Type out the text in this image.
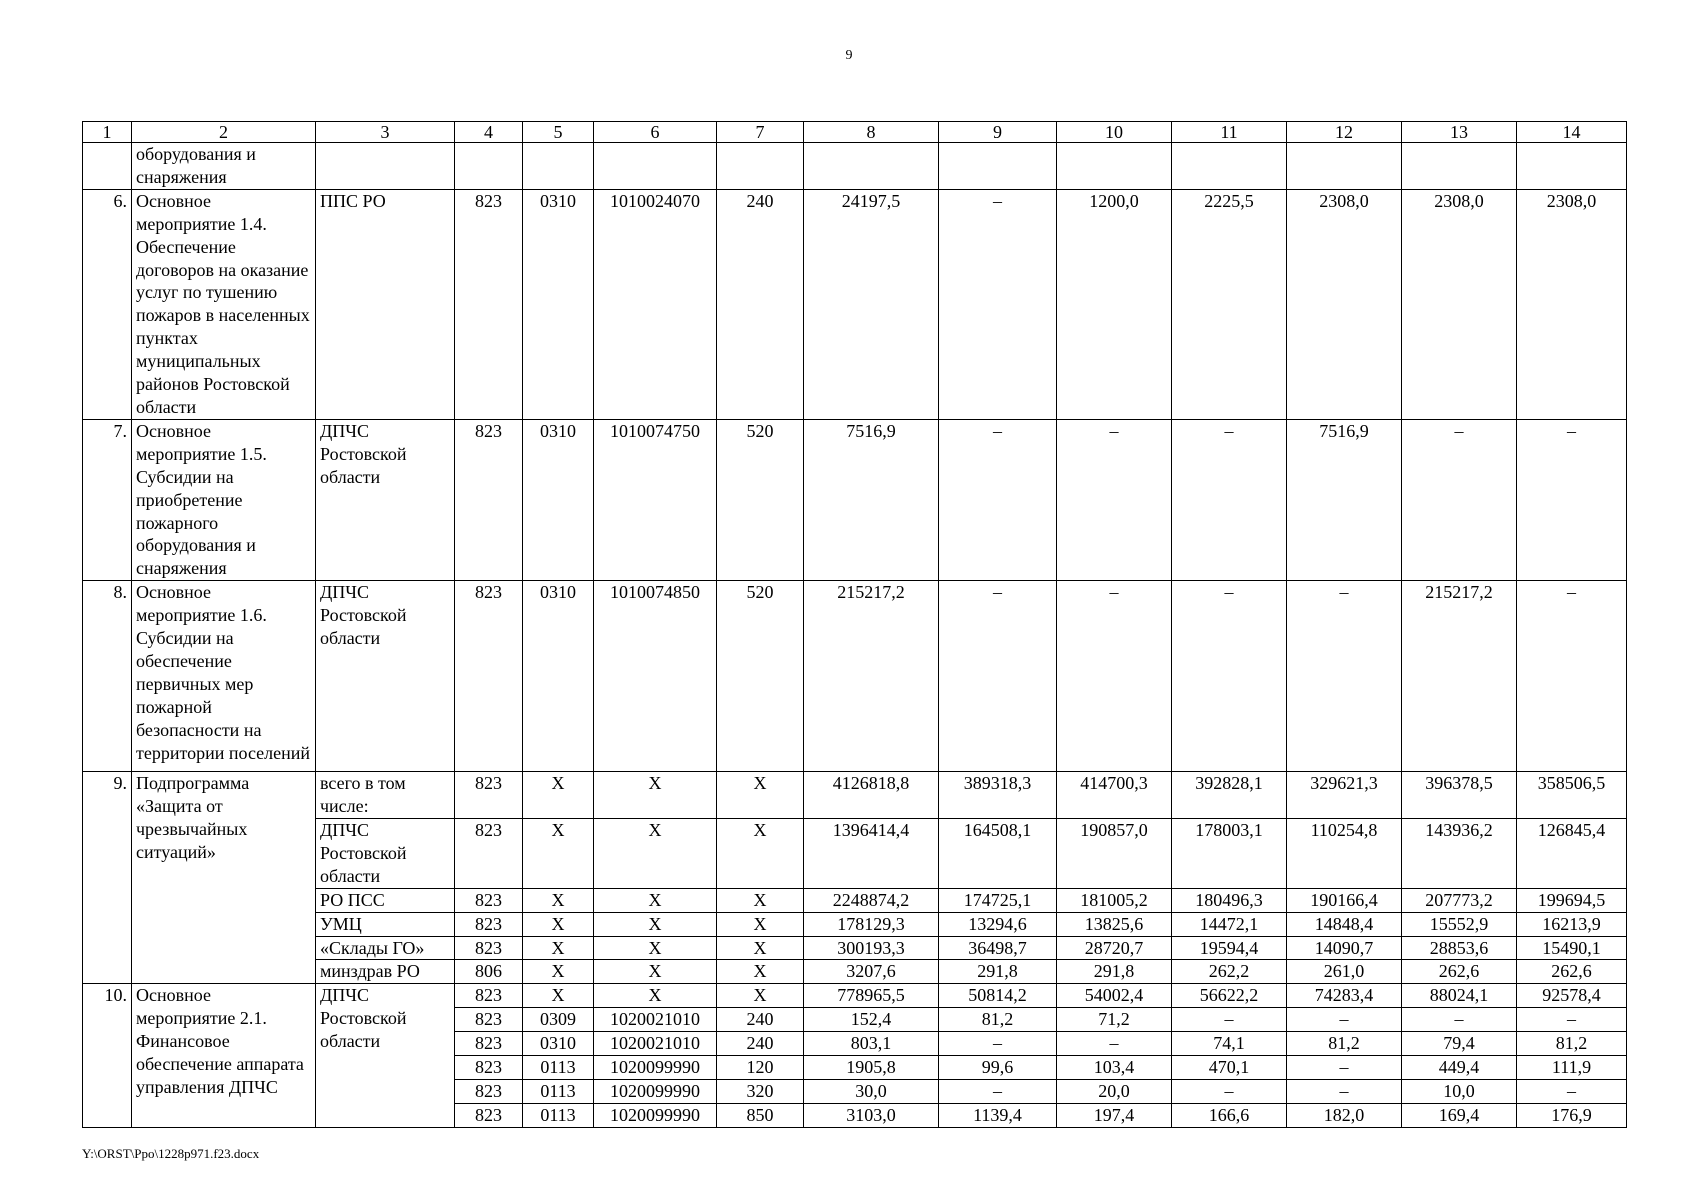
9
1	2	3	4	5	6	7	8	9	10	11	12	13	14
	оборудования и снаряжения												
6.	Основное мероприятие 1.4. Обеспечение договоров на оказание услуг по тушению пожаров в населенных пунктах муниципальных районов Ростовской области	ППС РО	823	0310	1010024070	240	24197,5	–	1200,0	2225,5	2308,0	2308,0	2308,0
7.	Основное мероприятие 1.5. Субсидии на приобретение пожарного оборудования и снаряжения	ДПЧС Ростовской области	823	0310	1010074750	520	7516,9	–	–	–	7516,9	–	–
8.	Основное мероприятие 1.6. Субсидии на обеспечение первичных мер пожарной безопасности на территории поселений	ДПЧС Ростовской области	823	0310	1010074850	520	215217,2	–	–	–	–	215217,2	–
9.	Подпрограмма «Защита от чрезвычайных ситуаций»	всего в том числе:	823	X	X	X	4126818,8	389318,3	414700,3	392828,1	329621,3	396378,5	358506,5
		ДПЧС Ростовской области	823	X	X	X	1396414,4	164508,1	190857,0	178003,1	110254,8	143936,2	126845,4
		РО ПСС	823	X	X	X	2248874,2	174725,1	181005,2	180496,3	190166,4	207773,2	199694,5
		УМЦ	823	X	X	X	178129,3	13294,6	13825,6	14472,1	14848,4	15552,9	16213,9
		«Склады ГО»	823	X	X	X	300193,3	36498,7	28720,7	19594,4	14090,7	28853,6	15490,1
		минздрав РО	806	X	X	X	3207,6	291,8	291,8	262,2	261,0	262,6	262,6
10.	Основное мероприятие 2.1. Финансовое обеспечение аппарата управления ДПЧС	ДПЧС Ростовской области	823	X	X	X	778965,5	50814,2	54002,4	56622,2	74283,4	88024,1	92578,4
			823	0309	1020021010	240	152,4	81,2	71,2	–	–	–	–
			823	0310	1020021010	240	803,1	–	–	74,1	81,2	79,4	81,2
			823	0113	1020099990	120	1905,8	99,6	103,4	470,1	–	449,4	111,9
			823	0113	1020099990	320	30,0	–	20,0	–	–	10,0	–
			823	0113	1020099990	850	3103,0	1139,4	197,4	166,6	182,0	169,4	176,9
Y:\ORST\Ppo\1228p971.f23.docx
